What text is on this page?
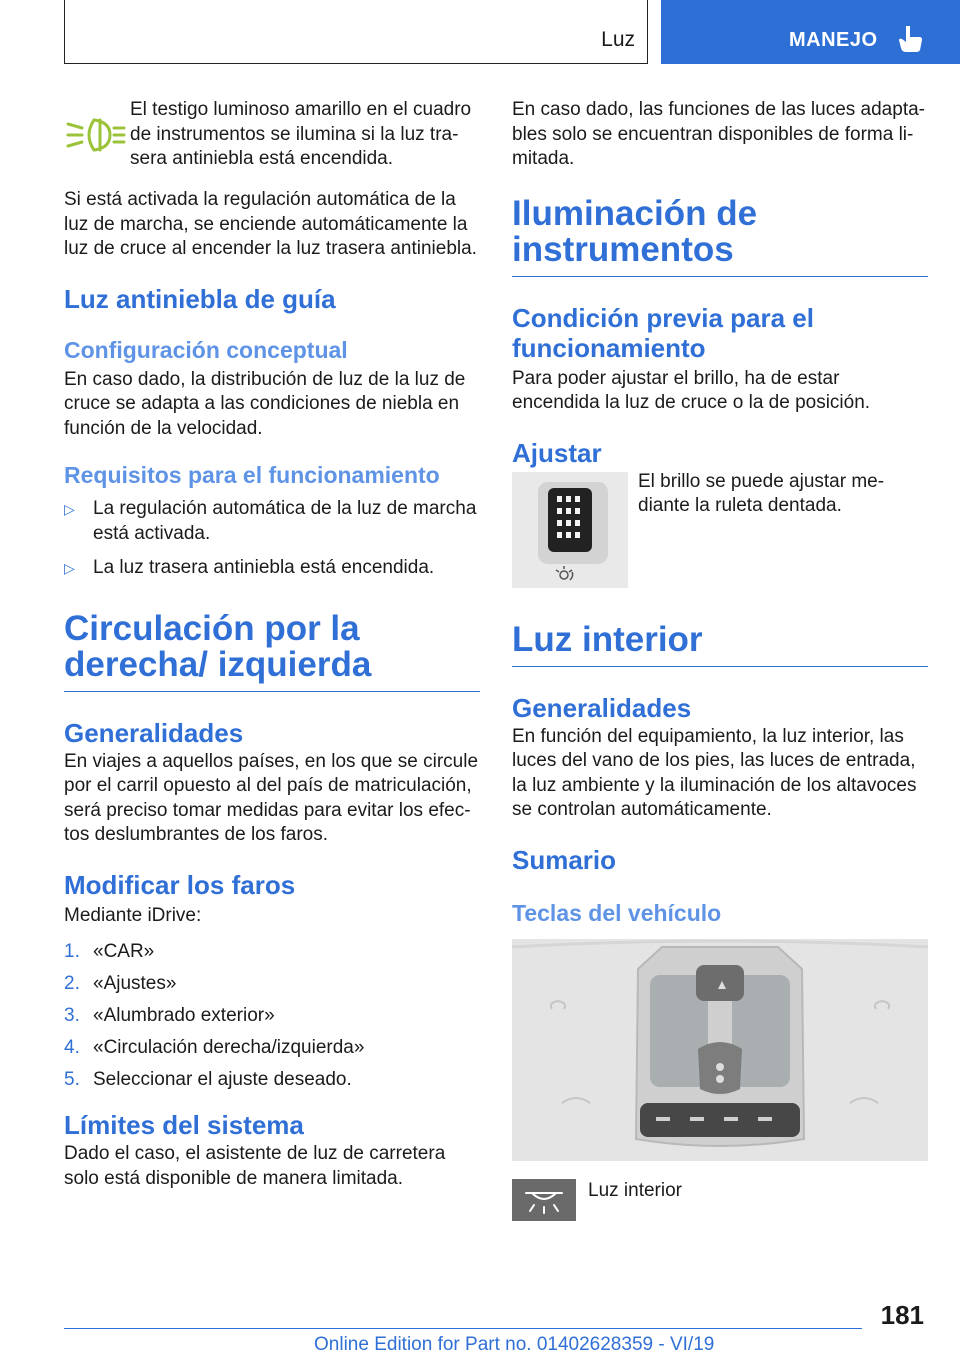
Luz	MANEJO

El testigo luminoso amarillo en el cuadro de instrumentos se ilumina si la luz tra- sera antiniebla está encendida.

Si está activada la regulación automática de la luz de marcha, se enciende automáticamente la luz de cruce al encender la luz trasera antiniebla.

Luz antiniebla de guía
Configuración conceptual

En caso dado, la distribución de luz de la luz de cruce se adapta a las condiciones de niebla en función de la velocidad.

Requisitos para el funcionamiento
▷ La regulación automática de la luz de marcha está activada.
▷ La luz trasera antiniebla está encendida.
Circulación por la derecha/ izquierda
Generalidades

En viajes a aquellos países, en los que se circule por el carril opuesto al del país de matriculación, será preciso tomar medidas para evitar los efec- tos deslumbrantes de los faros.

Modificar los faros

Mediante iDrive:

1. «CAR»
2. «Ajustes»
3. «Alumbrado exterior»
4. «Circulación derecha/izquierda»
5. Seleccionar el ajuste deseado.
Límites del sistema

Dado el caso, el asistente de luz de carretera solo está disponible de manera limitada.

En caso dado, las funciones de las luces adapta- bles solo se encuentran disponibles de forma li- mitada.

Iluminación de instrumentos
Condición previa para el funcionamiento

Para poder ajustar el brillo, ha de estar encendida la luz de cruce o la de posición.

Ajustar

El brillo se puede ajustar me- diante la ruleta dentada.

Luz interior
Generalidades

En función del equipamiento, la luz interior, las luces del vano de los pies, las luces de entrada, la luz ambiente y la iluminación de los altavoces se controlan automáticamente.

Sumario
Teclas del vehículo

Luz interior

181
Online Edition for Part no. 01402628359 - VI/19
